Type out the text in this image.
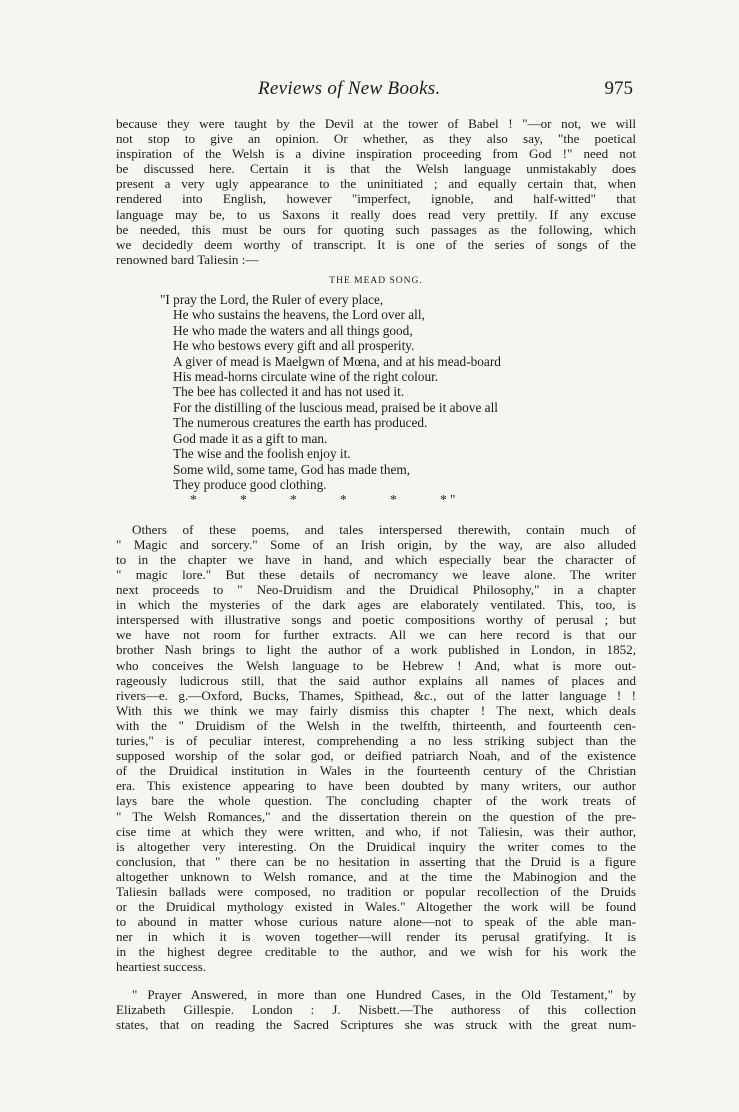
Reviews of New Books.	975
because they were taught by the Devil at the tower of Babel ! "—or not, we will
not stop to give an opinion. Or whether, as they also say, "the poetical
inspiration of the Welsh is a divine inspiration proceeding from God !" need not
be discussed here. Certain it is that the Welsh language unmistakably does
present a very ugly appearance to the uninitiated ; and equally certain that, when
rendered into English, however "imperfect, ignoble, and half-witted" that
language may be, to us Saxons it really does read very prettily. If any excuse
be needed, this must be ours for quoting such passages as the following, which
we decidedly deem worthy of transcript. It is one of the series of songs of the
renowned bard Taliesin :—
THE MEAD SONG.
"I pray the Lord, the Ruler of every place,
He who sustains the heavens, the Lord over all,
He who made the waters and all things good,
He who bestows every gift and all prosperity.
A giver of mead is Maelgwn of Mœna, and at his mead-board
His mead-horns circulate wine of the right colour.
The bee has collected it and has not used it.
For the distilling of the luscious mead, praised be it above all
The numerous creatures the earth has produced.
God made it as a gift to man.
The wise and the foolish enjoy it.
Some wild, some tame, God has made them,
They produce good clothing.
*	*	*	*	*	* "
Others of these poems, and tales interspersed therewith, contain much of
" Magic and sorcery." Some of an Irish origin, by the way, are also alluded
to in the chapter we have in hand, and which especially bear the character of
" magic lore." But these details of necromancy we leave alone. The writer
next proceeds to " Neo-Druidism and the Druidical Philosophy," in a chapter
in which the mysteries of the dark ages are elaborately ventilated. This, too, is
interspersed with illustrative songs and poetic compositions worthy of perusal ; but
we have not room for further extracts. All we can here record is that our
brother Nash brings to light the author of a work published in London, in 1852,
who conceives the Welsh language to be Hebrew ! And, what is more out-
rageously ludicrous still, that the said author explains all names of places and
rivers—e. g.—Oxford, Bucks, Thames, Spithead, &c., out of the latter language ! !
With this we think we may fairly dismiss this chapter ! The next, which deals
with the " Druidism of the Welsh in the twelfth, thirteenth, and fourteenth cen-
turies," is of peculiar interest, comprehending a no less striking subject than the
supposed worship of the solar god, or deified patriarch Noah, and of the existence
of the Druidical institution in Wales in the fourteenth century of the Christian
era. This existence appearing to have been doubted by many writers, our author
lays bare the whole question. The concluding chapter of the work treats of
" The Welsh Romances," and the dissertation therein on the question of the pre-
cise time at which they were written, and who, if not Taliesin, was their author,
is altogether very interesting. On the Druidical inquiry the writer comes to the
conclusion, that " there can be no hesitation in asserting that the Druid is a figure
altogether unknown to Welsh romance, and at the time the Mabinogion and the
Taliesin ballads were composed, no tradition or popular recollection of the Druids
or the Druidical mythology existed in Wales." Altogether the work will be found
to abound in matter whose curious nature alone—not to speak of the able man-
ner in which it is woven together—will render its perusal gratifying. It is
in the highest degree creditable to the author, and we wish for his work the
heartiest success.
" Prayer Answered, in more than one Hundred Cases, in the Old Testament," by
Elizabeth Gillespie. London : J. Nisbett.—The authoress of this collection
states, that on reading the Sacred Scriptures she was struck with the great num-
